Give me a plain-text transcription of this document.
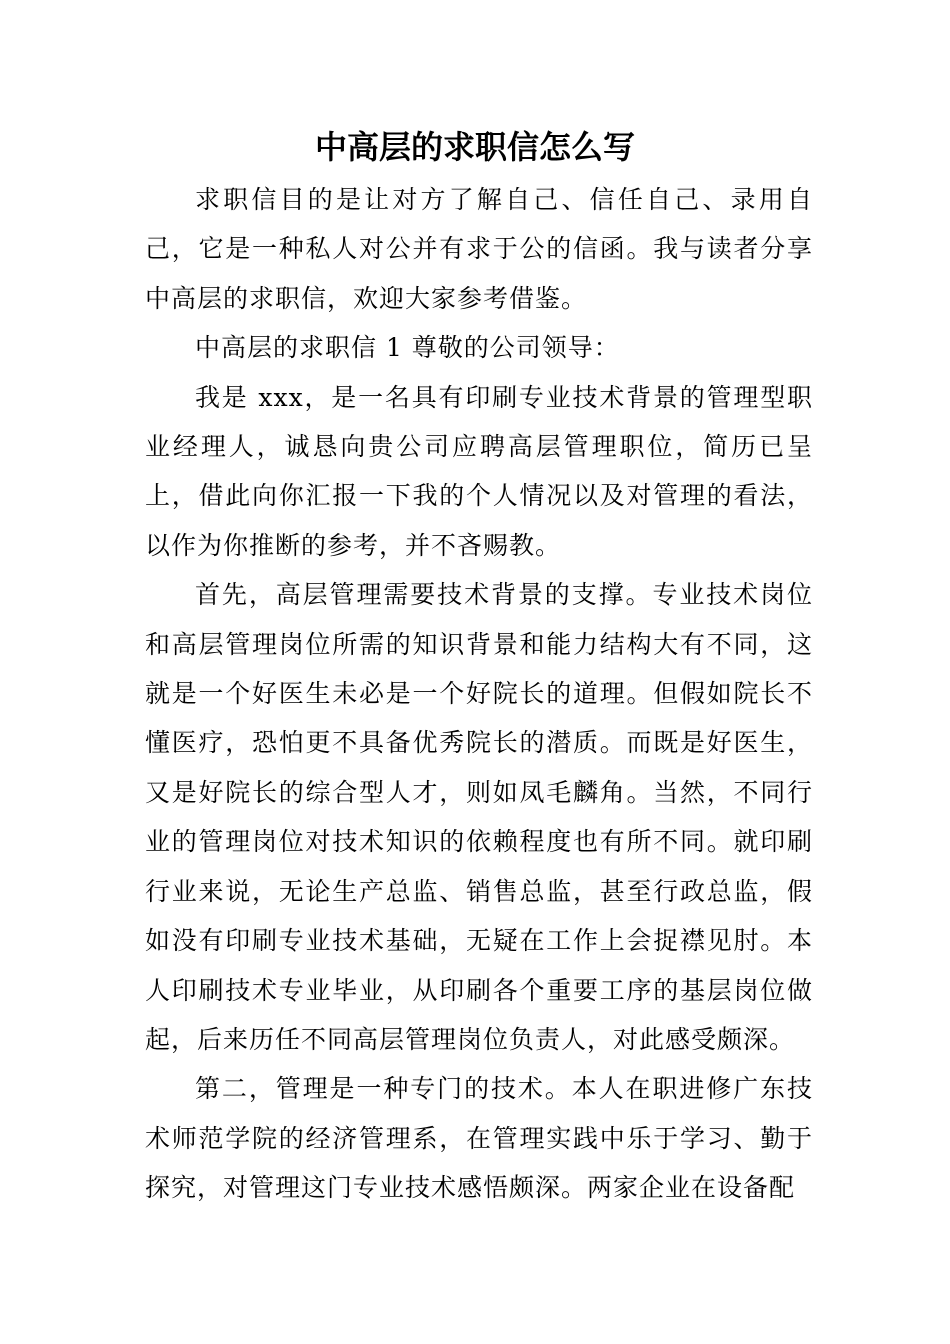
中高层的求职信怎么写

求职信目的是让对方了解自己、信任自己、录用自己，它是一种私人对公并有求于公的信函。我与读者分享中高层的求职信，欢迎大家参考借鉴。

中高层的求职信 1 尊敬的公司领导：

我是 xxx，是一名具有印刷专业技术背景的管理型职业经理人，诚恳向贵公司应聘高层管理职位，简历已呈上，借此向你汇报一下我的个人情况以及对管理的看法，以作为你推断的参考，并不吝赐教。

首先，高层管理需要技术背景的支撑。专业技术岗位和高层管理岗位所需的知识背景和能力结构大有不同，这就是一个好医生未必是一个好院长的道理。但假如院长不懂医疗，恐怕更不具备优秀院长的潜质。而既是好医生，又是好院长的综合型人才，则如凤毛麟角。当然，不同行业的管理岗位对技术知识的依赖程度也有所不同。就印刷行业来说，无论生产总监、销售总监，甚至行政总监，假如没有印刷专业技术基础，无疑在工作上会捉襟见肘。本人印刷技术专业毕业，从印刷各个重要工序的基层岗位做起，后来历任不同高层管理岗位负责人，对此感受颇深。

第二，管理是一种专门的技术。本人在职进修广东技术师范学院的经济管理系，在管理实践中乐于学习、勤于探究，对管理这门专业技术感悟颇深。两家企业在设备配
